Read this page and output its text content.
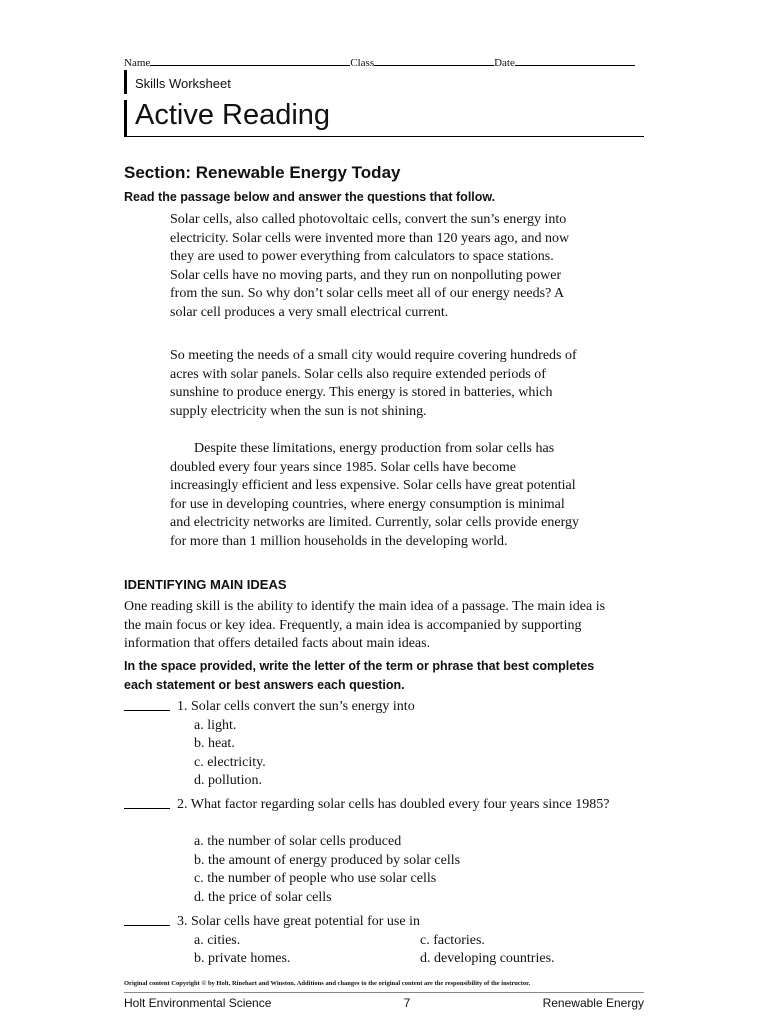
Name	Class	Date
Skills Worksheet
Active Reading
Section: Renewable Energy Today
Read the passage below and answer the questions that follow.

Solar cells, also called photovoltaic cells, convert the sun’s energy into electricity. Solar cells were invented more than 120 years ago, and now they are used to power everything from calculators to space stations. Solar cells have no moving parts, and they run on nonpolluting power from the sun. So why don’t solar cells meet all of our energy needs? A solar cell produces a very small electrical current.

So meeting the needs of a small city would require covering hundreds of acres with solar panels. Solar cells also require extended periods of sunshine to produce energy. This energy is stored in batteries, which supply electricity when the sun is not shining.

Despite these limitations, energy production from solar cells has doubled every four years since 1985. Solar cells have become increasingly efficient and less expensive. Solar cells have great potential for use in developing countries, where energy consumption is minimal and electricity networks are limited. Currently, solar cells provide energy for more than 1 million households in the developing world.

IDENTIFYING MAIN IDEAS

One reading skill is the ability to identify the main idea of a passage. The main idea is the main focus or key idea. Frequently, a main idea is accompanied by supporting information that offers detailed facts about main ideas.

In the space provided, write the letter of the term or phrase that best completes each statement or best answers each question.

1. Solar cells convert the sun’s energy into
a. light.
b. heat.
c. electricity.
d. pollution.
2. What factor regarding solar cells has doubled every four years since 1985?
a. the number of solar cells produced
b. the amount of energy produced by solar cells
c. the number of people who use solar cells
d. the price of solar cells
3. Solar cells have great potential for use in
a. cities.	c. factories.
b. private homes.	d. developing countries.
Original content Copyright © by Holt, Rinehart and Winston. Additions and changes to the original content are the responsibility of the instructor.
Holt Environmental Science	7	Renewable Energy
